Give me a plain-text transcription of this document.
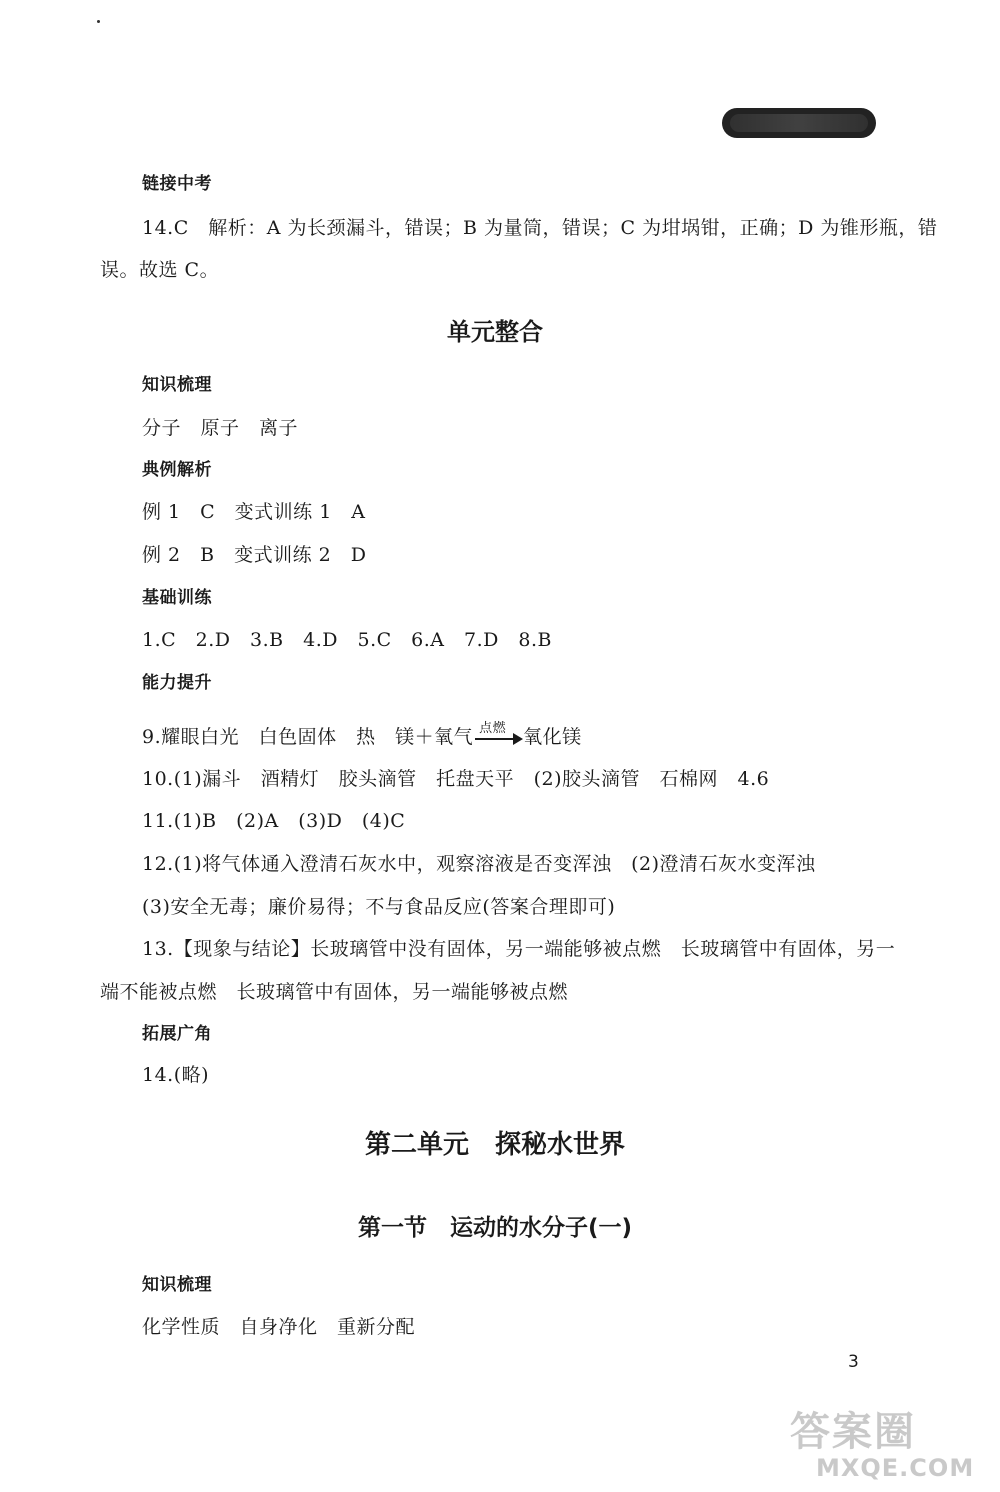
链接中考
14.C　解析：A 为长颈漏斗，错误；B 为量筒，错误；C 为坩埚钳，正确；D 为锥形瓶，错
误。故选 C。
单元整合
知识梳理
分子　原子　离子
典例解析
例 1　C　变式训练 1　A
例 2　B　变式训练 2　D
基础训练
1.C　2.D　3.B　4.D　5.C　6.A　7.D　8.B
能力提升
9.耀眼白光　白色固体　热　镁＋氧气 点燃 氧化镁
10.(1)漏斗　酒精灯　胶头滴管　托盘天平　(2)胶头滴管　石棉网　4.6
11.(1)B　(2)A　(3)D　(4)C
12.(1)将气体通入澄清石灰水中，观察溶液是否变浑浊　(2)澄清石灰水变浑浊
(3)安全无毒；廉价易得；不与食品反应(答案合理即可)
13.【现象与结论】长玻璃管中没有固体，另一端能够被点燃　长玻璃管中有固体，另一
端不能被点燃　长玻璃管中有固体，另一端能够被点燃
拓展广角
14.(略)
第二单元　探秘水世界
第一节　运动的水分子(一)
知识梳理
化学性质　自身净化　重新分配
3
答案圈
MXQE.COM
